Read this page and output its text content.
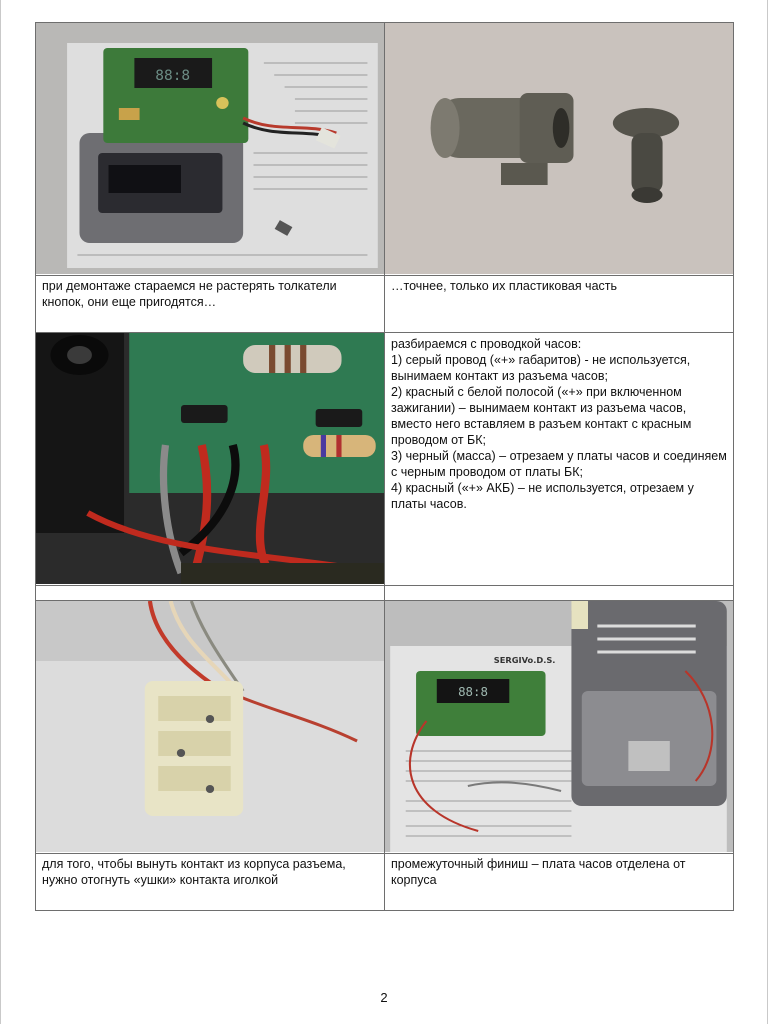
88:8

при демонтаже стараемся не растерять толкатели кнопок, они еще пригодятся…	…точнее, только их пластиковая часть

разбираемся с проводкой часов:

1) серый провод («+» габаритов) - не используется, вынимаем контакт из разъема часов;

2) красный с белой полосой («+» при включенном зажигании) – вынимаем контакт из разъема часов, вместо него вставляем в разъем контакт с красным проводом от БК;

3) черный (масса) – отрезаем у платы часов и соединяем с черным проводом от платы БК;

4) красный («+» АКБ) – не используется, отрезаем у платы часов.

SERGIVo.D.S.
88:8

для того, чтобы вынуть контакт из корпуса разъема, нужно отогнуть «ушки» контакта иголкой	промежуточный финиш – плата часов отделена от корпуса
2
